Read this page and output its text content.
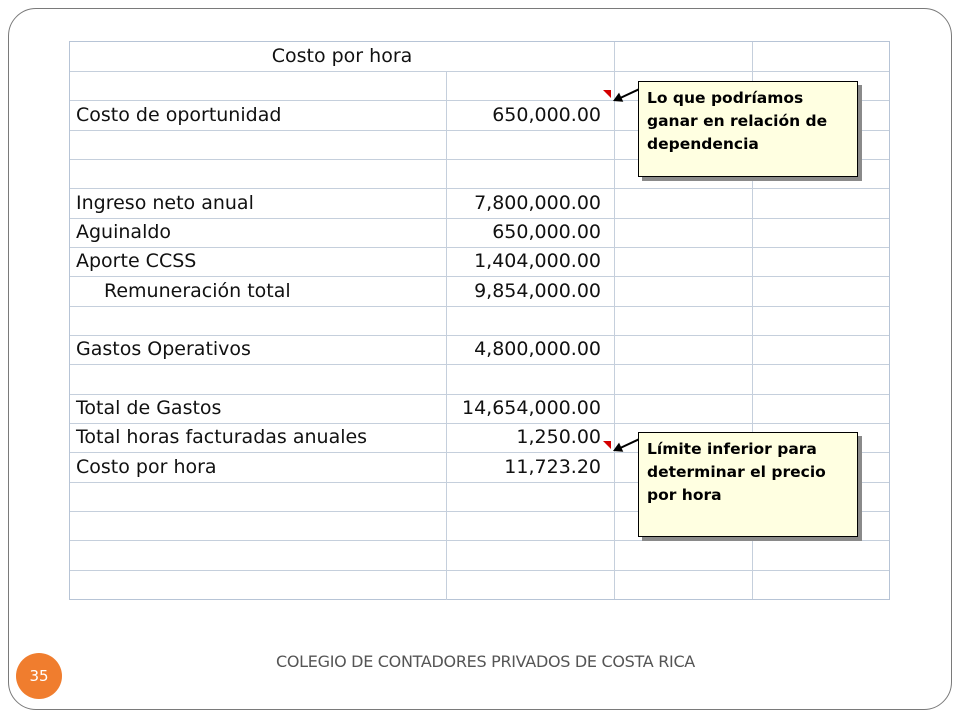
Costo por hora
Costo de oportunidad	650,000.00
Ingreso neto anual	7,800,000.00
Aguinaldo	650,000.00
Aporte CCSS	1,404,000.00
Remuneración total	9,854,000.00
Gastos Operativos	4,800,000.00
Total de Gastos	14,654,000.00
Total horas facturadas anuales	1,250.00
Costo por hora	11,723.20
Lo que podríamos
ganar en relación de
dependencia
Límite inferior para
determinar el precio
por hora
COLEGIO DE CONTADORES PRIVADOS DE COSTA RICA
35
